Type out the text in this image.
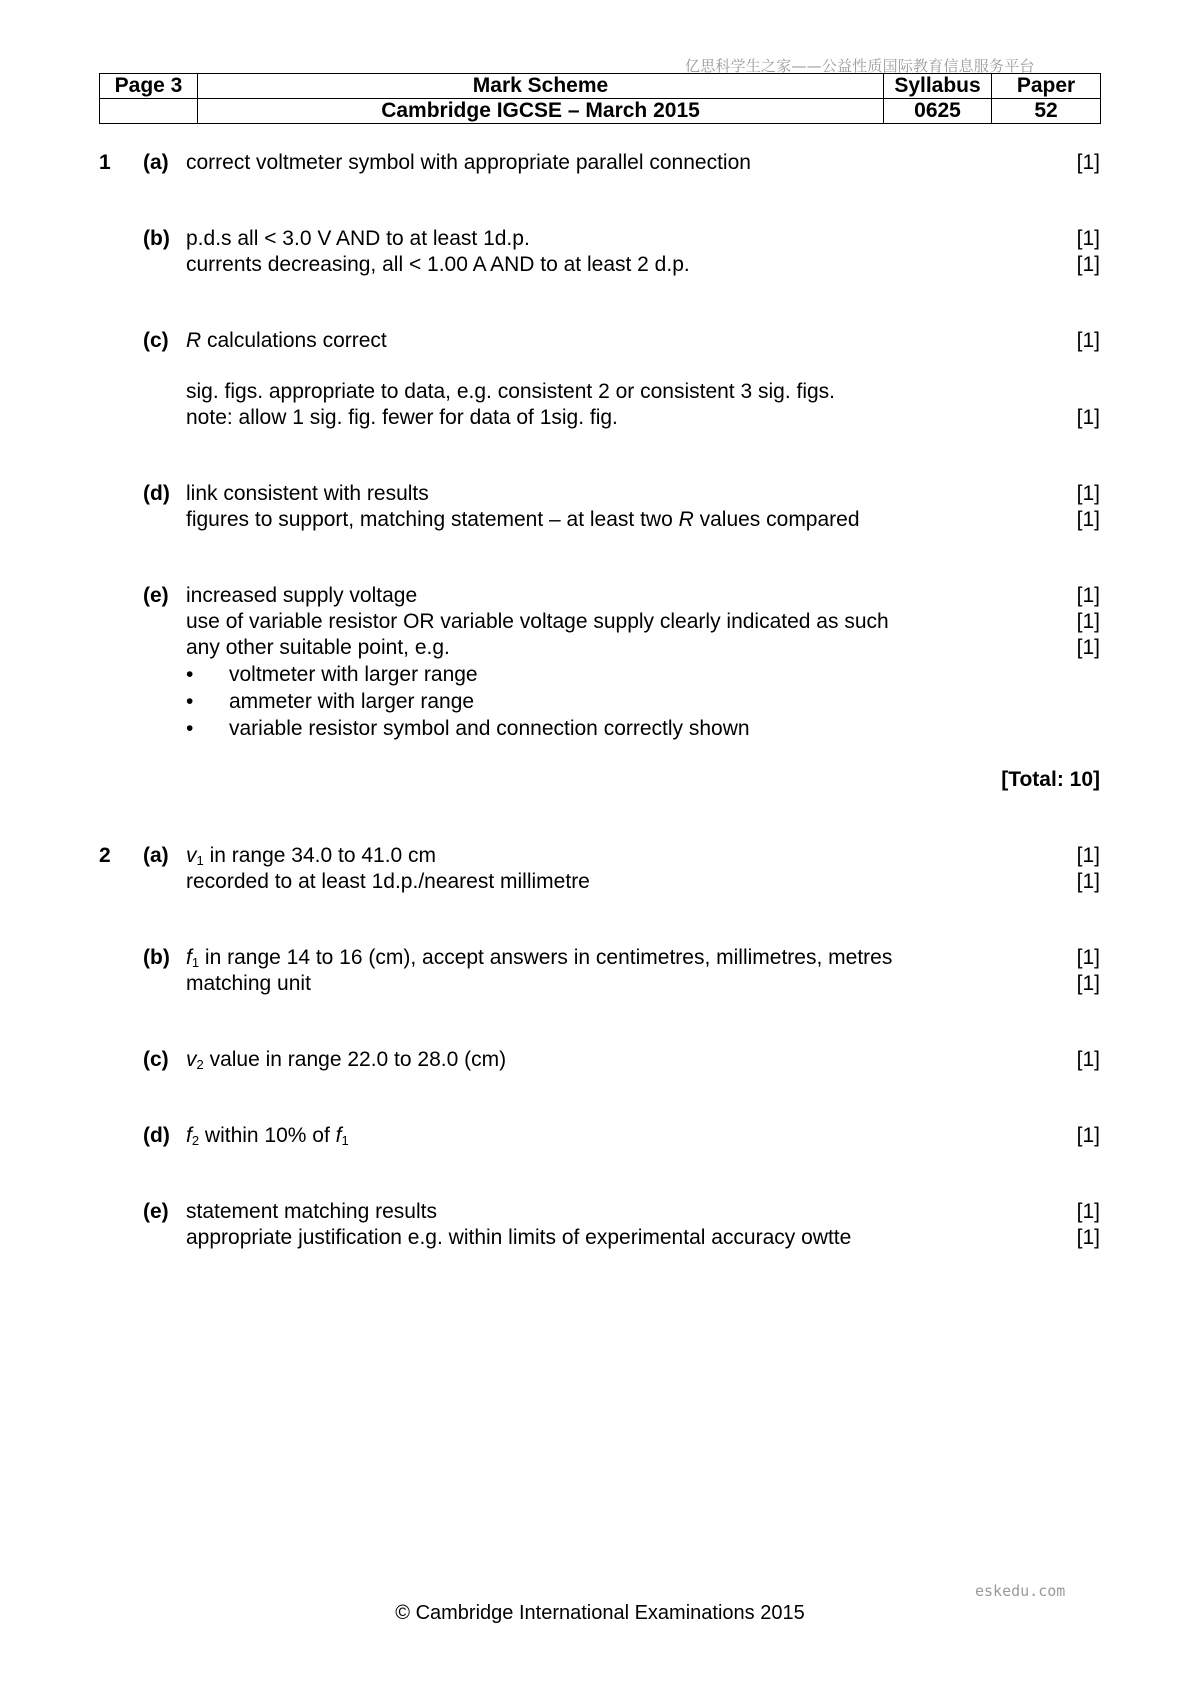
亿思科学生之家——公益性质国际教育信息服务平台
Page 3	Mark Scheme	Syllabus	Paper
	Cambridge IGCSE – March 2015	0625	52
1 (a) correct voltmeter symbol with appropriate parallel connection	[1]
(b) p.d.s all < 3.0 V AND to at least 1d.p.	[1]
currents decreasing, all < 1.00 A AND to at least 2 d.p.	[1]
(c) R calculations correct	[1]
sig. figs. appropriate to data, e.g. consistent 2 or consistent 3 sig. figs.
note: allow 1 sig. fig. fewer for data of 1sig. fig.	[1]
(d) link consistent with results	[1]
figures to support, matching statement – at least two R values compared	[1]
(e) increased supply voltage	[1]
use of variable resistor OR variable voltage supply clearly indicated as such	[1]
any other suitable point, e.g.	[1]
• voltmeter with larger range
• ammeter with larger range
• variable resistor symbol and connection correctly shown
[Total: 10]
2 (a) $v_1$ in range 34.0 to 41.0 cm	[1]
recorded to at least 1d.p./nearest millimetre	[1]
(b) $f_1$ in range 14 to 16 (cm), accept answers in centimetres, millimetres, metres	[1]
matching unit	[1]
(c) $v_2$ value in range 22.0 to 28.0 (cm)	[1]
(d) $f_2$ within 10% of $f_1$	[1]
(e) statement matching results	[1]
appropriate justification e.g. within limits of experimental accuracy owtte	[1]
eskedu.com
© Cambridge International Examinations 2015
